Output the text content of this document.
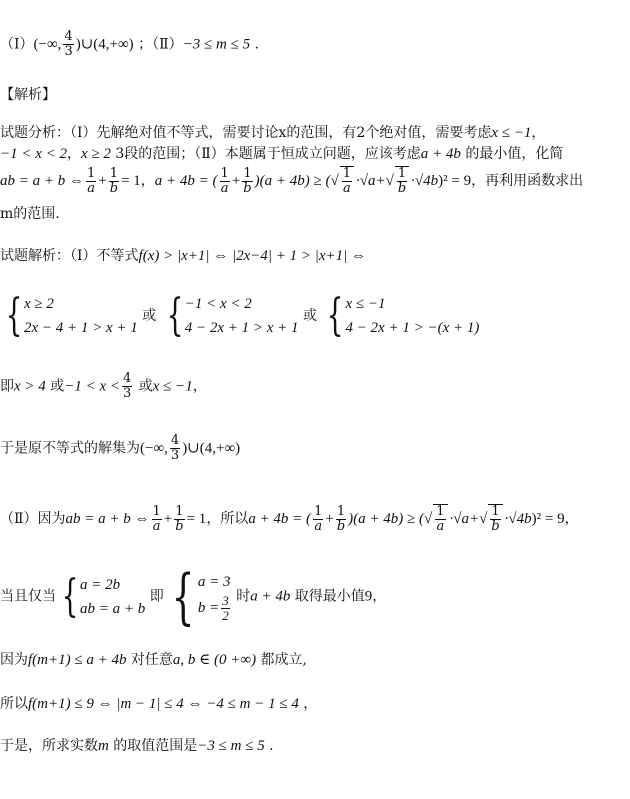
（Ⅰ）(−∞, $\frac{4}{3}$ )∪(4,+∞) ；（Ⅱ）−3 ≤ m ≤ 5 .
【解析】
试题分析：（Ⅰ）先解绝对值不等式，需要讨论x的范围，有2个绝对值，需要考虑x ≤ −1，
−1 < x < 2，x ≥ 2 3段的范围；（Ⅱ）本题属于恒成立问题，应该考虑a + 4b 的最小值，化简
ab = a + b ⇔ $\frac{1}{a} + \frac{1}{b} = 1$，a + 4b = ( $\frac{1}{a} + \frac{1}{b} )(a + 4b)$ ≥ (√ $\frac{1}{a} \cdot√a+√ \frac{1}{b} \cdot√4b)^2 = 9$，再利用函数求出
m的范围.
试题解析：（Ⅰ）不等式f(x) > |x+1| ⇔ |2x−4| + 1 > |x+1| ⇔
{ x ≥ 2
2x − 4 + 1 > x + 1
或 { −1 < x < 2
4 − 2x + 1 > x + 1
或 { x ≤ −1
4 − 2x + 1 > −(x + 1)
即x > 4 或$-1 < x < \frac{4}{3}$ 或x ≤ −1，
于是原不等式的解集为(−∞, $\frac{4}{3}$ )∪(4,+∞)
（Ⅱ）因为ab = a + b ⇔ $\frac{1}{a} + \frac{1}{b} = 1$，所以a + 4b = ( $\frac{1}{a} + \frac{1}{b} )(a + 4b)$ ≥ (√ $\frac{1}{a} \cdot√a+√ \frac{1}{b} \cdot√4b)^2 = 9$，
当且仅当 { a = 2b
ab = a + b
即 { a = 3
$b = \frac{3}{2}$ 时a + 4b 取得最小值9，
因为f(m+1) ≤ a + 4b 对任意a, b ∈ (0 +∞) 都成立,
所以f(m+1) ≤ 9 ⇔ |m − 1| ≤ 4 ⇔ −4 ≤ m − 1 ≤ 4 ，
于是，所求实数m 的取值范围是−3 ≤ m ≤ 5 .
